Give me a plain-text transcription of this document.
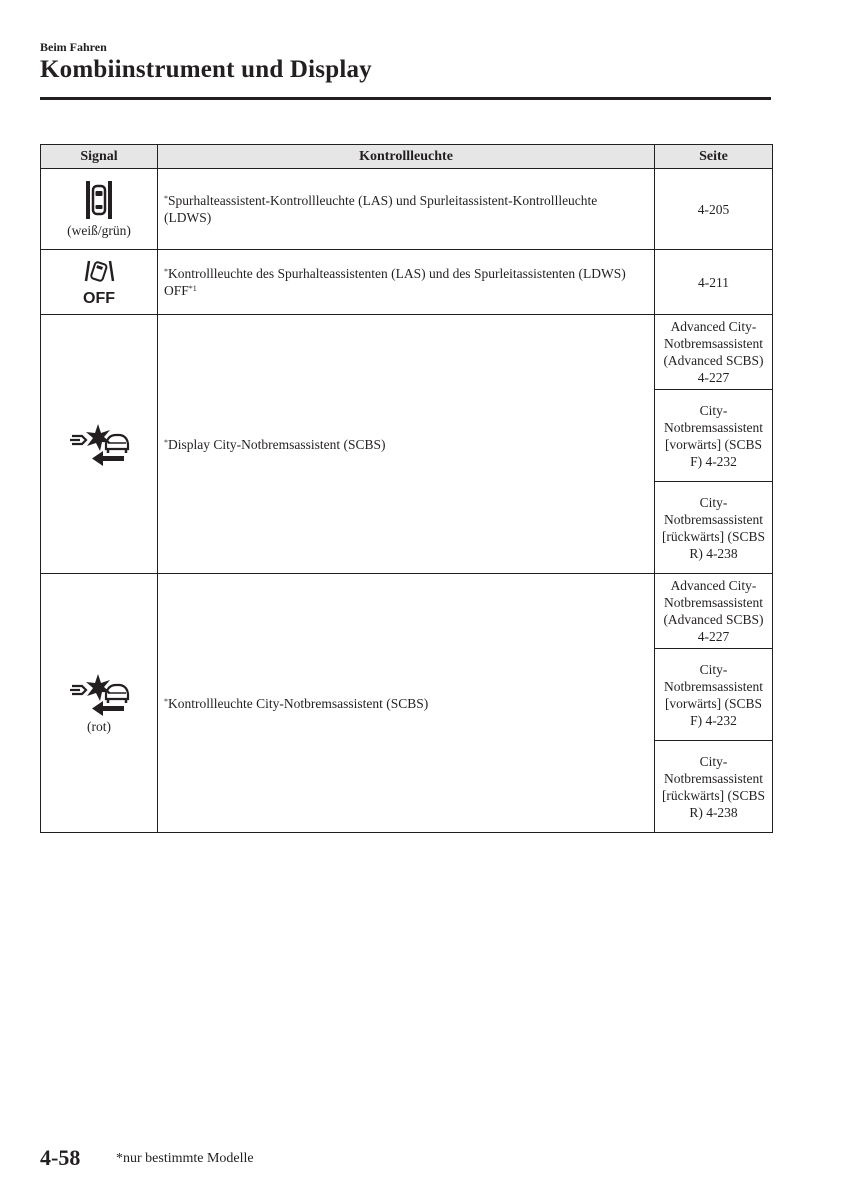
Beim Fahren
Kombiinstrument und Display
Signal	Kontrollleuchte	Seite

(weiß/grün)	*Spurhalteassistent-Kontrollleuchte (LAS) und Spurleitassistent-Kontrollleuchte (LDWS)	4-205

OFF	*Kontrollleuchte des Spurhalteassistenten (LAS) und des Spurleitassistenten (LDWS) OFF$^{*1}$	4-211

	*Display City-Notbremsassistent (SCBS)	Advanced City-Notbremsassistent (Advanced SCBS) 4-227
		City-Notbremsassistent [vorwärts] (SCBS F) 4-232
		City-Notbremsassistent [rückwärts] (SCBS R) 4-238

(rot)	*Kontrollleuchte City-Notbremsassistent (SCBS)	Advanced City-Notbremsassistent (Advanced SCBS) 4-227
		City-Notbremsassistent [vorwärts] (SCBS F) 4-232
		City-Notbremsassistent [rückwärts] (SCBS R) 4-238
4-58	*nur bestimmte Modelle
